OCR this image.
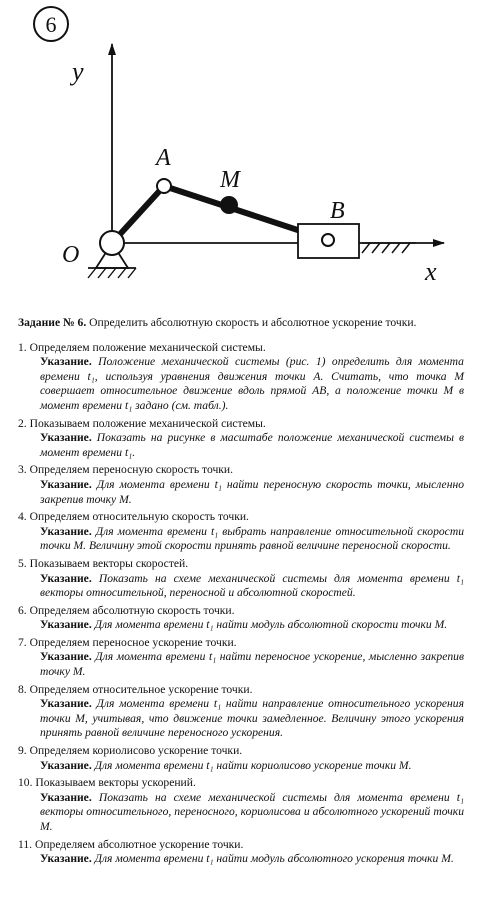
6
y
x
O
A
M
B

Задание № 6. Определить абсолютную скорость и абсолютное ускорение точки.

1. Определяем положение механической системы.
Указание. Положение механической системы (рис. 1) определить для момента времени t₁, используя уравнения движения точки A. Считать, что точка M совершает относительное движение вдоль прямой AB, а положение точки M в момент времени t₁ задано (см. табл.).
2. Показываем положение механической системы.
Указание. Показать на рисунке в масштабе положение механической системы в момент времени t₁.
3. Определяем переносную скорость точки.
Указание. Для момента времени t₁ найти переносную скорость точки, мысленно закрепив точку M.
4. Определяем относительную скорость точки.
Указание. Для момента времени t₁ выбрать направление относительной скорости точки M. Величину этой скорости принять равной величине переносной скорости.
5. Показываем векторы скоростей.
Указание. Показать на схеме механической системы для момента времени t₁ векторы относительной, переносной и абсолютной скоростей.
6. Определяем абсолютную скорость точки.
Указание. Для момента времени t₁ найти модуль абсолютной скорости точки M.
7. Определяем переносное ускорение точки.
Указание. Для момента времени t₁ найти переносное ускорение, мысленно закрепив точку M.
8. Определяем относительное ускорение точки.
Указание. Для момента времени t₁ найти направление относительного ускорения точки M, учитывая, что движение точки замедленное. Величину этого ускорения принять равной величине переносного ускорения.
9. Определяем кориолисово ускорение точки.
Указание. Для момента времени t₁ найти кориолисово ускорение точки M.
10. Показываем векторы ускорений.
Указание. Показать на схеме механической системы для момента времени t₁ векторы относительного, переносного, кориолисова и абсолютного ускорений точки M.
11. Определяем абсолютное ускорение точки.
Указание. Для момента времени t₁ найти модуль абсолютного ускорения точки M.
